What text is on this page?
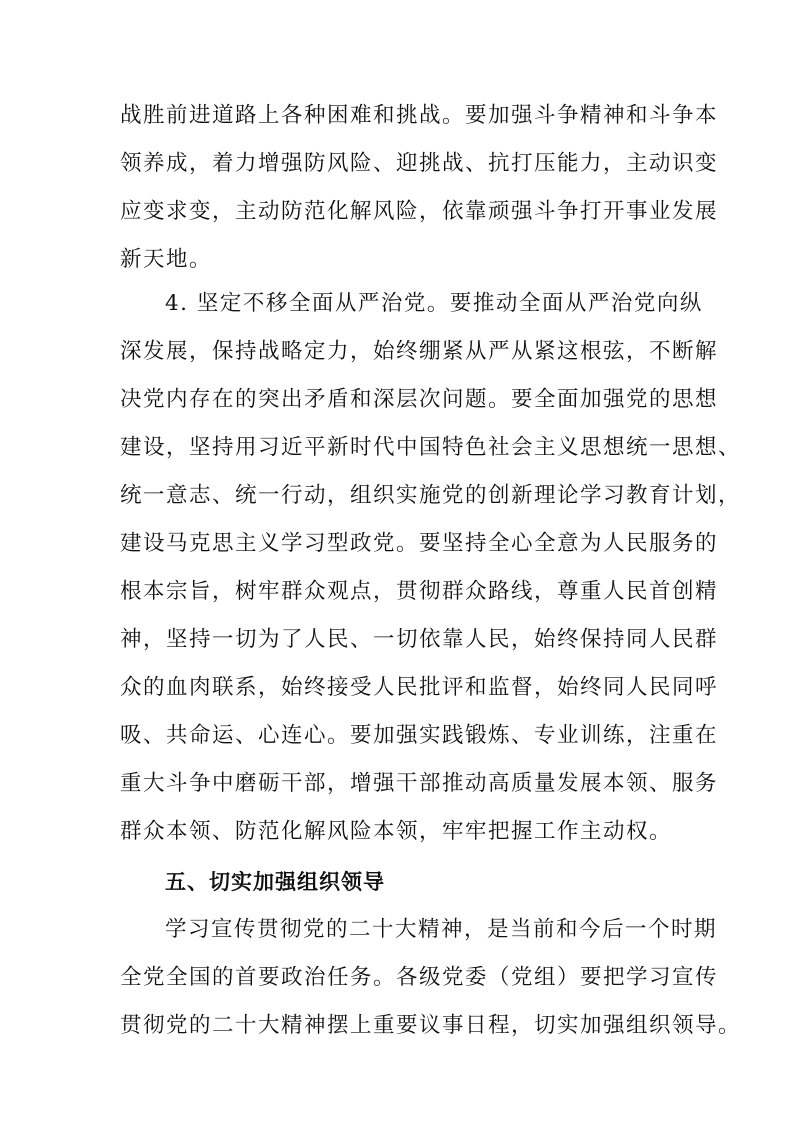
战胜前进道路上各种困难和挑战。要加强斗争精神和斗争本
领养成，着力增强防风险、迎挑战、抗打压能力，主动识变
应变求变，主动防范化解风险，依靠顽强斗争打开事业发展
新天地。
4. 坚定不移全面从严治党。要推动全面从严治党向纵
深发展，保持战略定力，始终绷紧从严从紧这根弦，不断解
决党内存在的突出矛盾和深层次问题。要全面加强党的思想
建设，坚持用习近平新时代中国特色社会主义思想统一思想、
统一意志、统一行动，组织实施党的创新理论学习教育计划，
建设马克思主义学习型政党。要坚持全心全意为人民服务的
根本宗旨，树牢群众观点，贯彻群众路线，尊重人民首创精
神，坚持一切为了人民、一切依靠人民，始终保持同人民群
众的血肉联系，始终接受人民批评和监督，始终同人民同呼
吸、共命运、心连心。要加强实践锻炼、专业训练，注重在
重大斗争中磨砺干部，增强干部推动高质量发展本领、服务
群众本领、防范化解风险本领，牢牢把握工作主动权。
五、切实加强组织领导
学习宣传贯彻党的二十大精神，是当前和今后一个时期
全党全国的首要政治任务。各级党委（党组）要把学习宣传
贯彻党的二十大精神摆上重要议事日程，切实加强组织领导。
